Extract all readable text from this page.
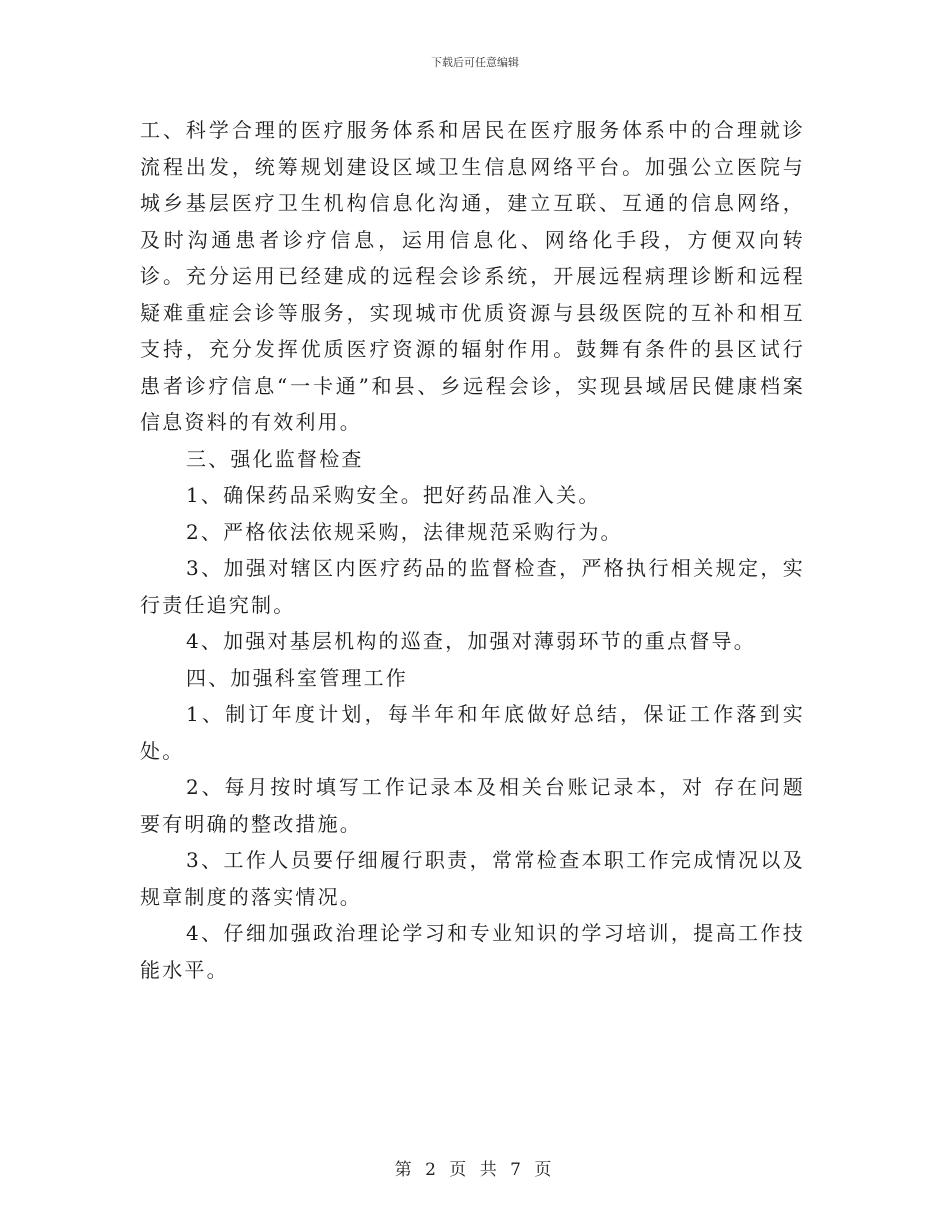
下载后可任意编辑

工、科学合理的医疗服务体系和居民在医疗服务体系中的合理就诊流程出发，统筹规划建设区域卫生信息网络平台。加强公立医院与城乡基层医疗卫生机构信息化沟通，建立互联、互通的信息网络，及时沟通患者诊疗信息，运用信息化、网络化手段，方便双向转诊。充分运用已经建成的远程会诊系统，开展远程病理诊断和远程疑难重症会诊等服务，实现城市优质资源与县级医院的互补和相互支持，充分发挥优质医疗资源的辐射作用。鼓舞有条件的县区试行患者诊疗信息“一卡通”和县、乡远程会诊，实现县域居民健康档案信息资料的有效利用。

三、强化监督检查

1、确保药品采购安全。把好药品准入关。

2、严格依法依规采购，法律规范采购行为。

3、加强对辖区内医疗药品的监督检查，严格执行相关规定，实行责任追究制。

4、加强对基层机构的巡查，加强对薄弱环节的重点督导。

四、加强科室管理工作

1、制订年度计划，每半年和年底做好总结，保证工作落到实处。

2、每月按时填写工作记录本及相关台账记录本，对 存在问题要有明确的整改措施。

3、工作人员要仔细履行职责，常常检查本职工作完成情况以及规章制度的落实情况。

4、仔细加强政治理论学习和专业知识的学习培训，提高工作技能水平。

第 2 页 共 7 页
